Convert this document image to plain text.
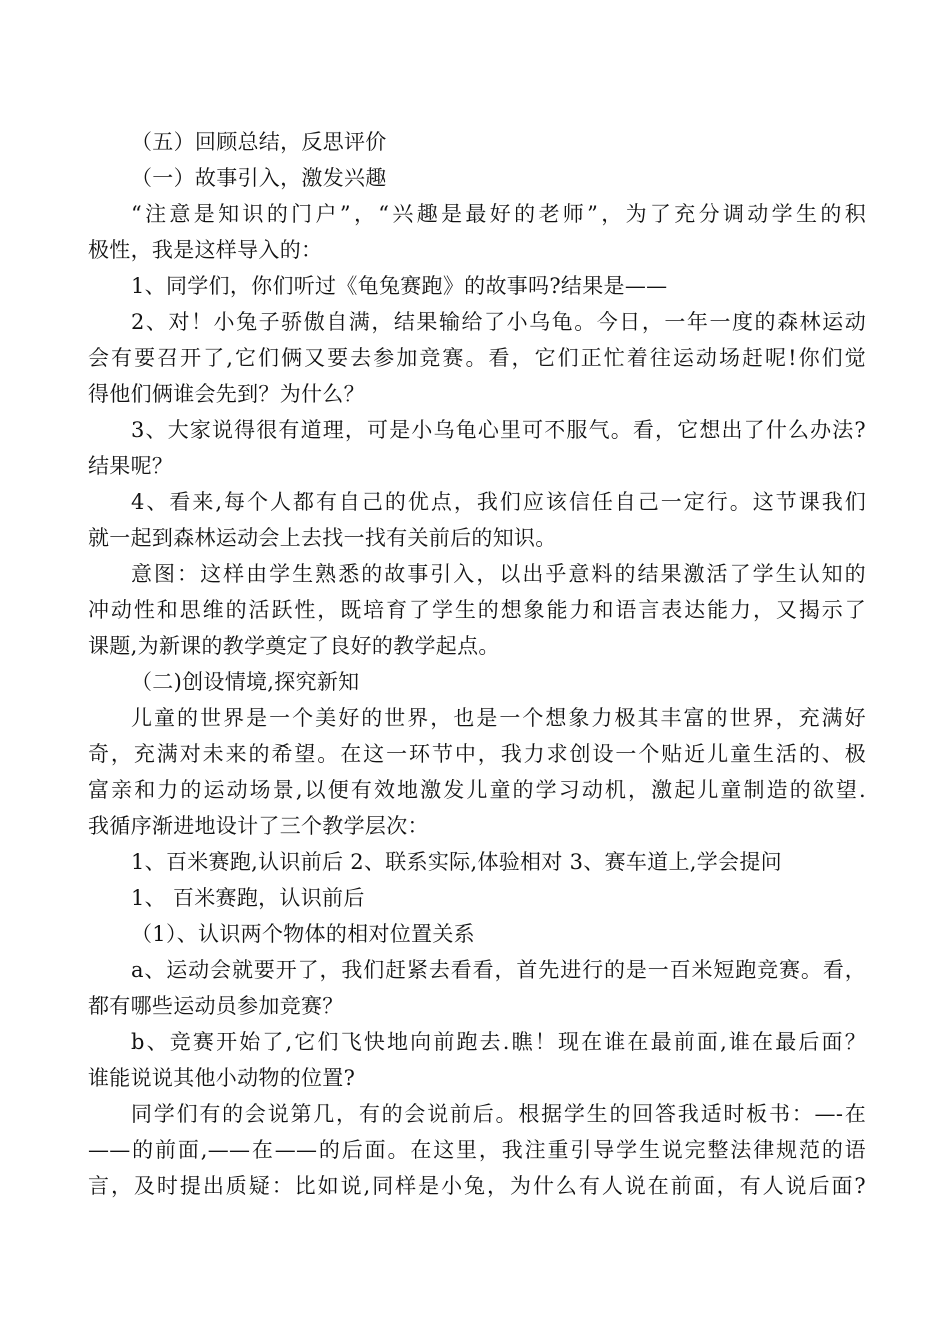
（五）回顾总结，反思评价
（一）故事引入，激发兴趣
“注意是知识的门户”，“兴趣是最好的老师”，为了充分调动学生的积
极性，我是这样导入的：
1、同学们，你们听过《龟兔赛跑》的故事吗?结果是——
2、对！小兔子骄傲自满，结果输给了小乌龟。今日，一年一度的森林运动
会有要召开了,它们俩又要去参加竞赛。看，它们正忙着往运动场赶呢!你们觉
得他们俩谁会先到？为什么？
3、大家说得很有道理，可是小乌龟心里可不服气。看，它想出了什么办法?
结果呢？
4、看来,每个人都有自己的优点，我们应该信任自己一定行。这节课我们
就一起到森林运动会上去找一找有关前后的知识。
意图：这样由学生熟悉的故事引入，以出乎意料的结果激活了学生认知的
冲动性和思维的活跃性，既培育了学生的想象能力和语言表达能力，又揭示了
课题,为新课的教学奠定了良好的教学起点。
（二)创设情境,探究新知
儿童的世界是一个美好的世界，也是一个想象力极其丰富的世界，充满好
奇，充满对未来的希望。在这一环节中，我力求创设一个贴近儿童生活的、极
富亲和力的运动场景,以便有效地激发儿童的学习动机，激起儿童制造的欲望.
我循序渐进地设计了三个教学层次：
1、百米赛跑,认识前后 2、联系实际,体验相对 3、赛车道上,学会提问
1、 百米赛跑，认识前后
（1）、认识两个物体的相对位置关系
a、运动会就要开了，我们赶紧去看看，首先进行的是一百米短跑竞赛。看，
都有哪些运动员参加竞赛？
b、竞赛开始了,它们飞快地向前跑去.瞧！现在谁在最前面,谁在最后面？
谁能说说其他小动物的位置?
同学们有的会说第几，有的会说前后。根据学生的回答我适时板书：—-在
——的前面,——在——的后面。在这里，我注重引导学生说完整法律规范的语
言，及时提出质疑：比如说,同样是小兔，为什么有人说在前面，有人说后面?
